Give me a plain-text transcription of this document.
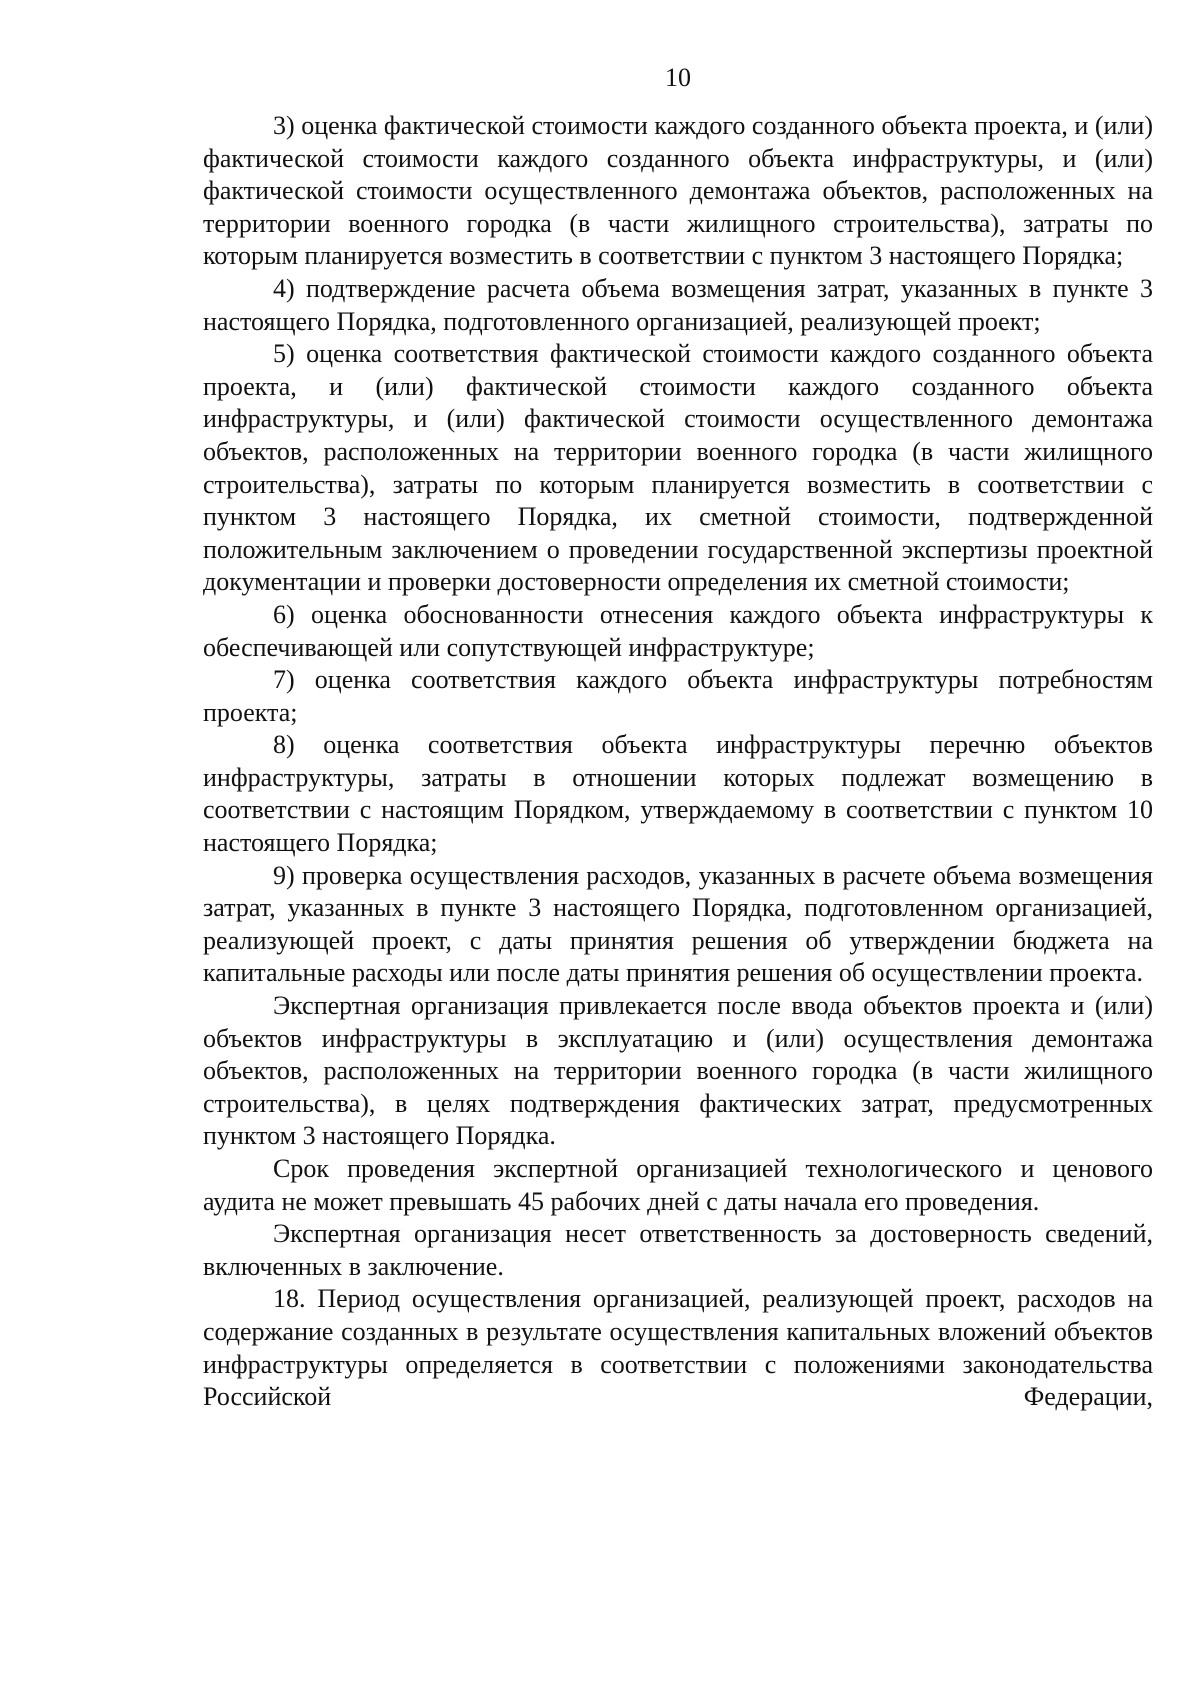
10

3) оценка фактической стоимости каждого созданного объекта проекта, и (или) фактической стоимости каждого созданного объекта инфраструктуры, и (или) фактической стоимости осуществленного демонтажа объектов, расположенных на территории военного городка (в части жилищного строительства), затраты по которым планируется возместить в соответствии с пунктом 3 настоящего Порядка;

4) подтверждение расчета объема возмещения затрат, указанных в пункте 3 настоящего Порядка, подготовленного организацией, реализующей проект;

5) оценка соответствия фактической стоимости каждого созданного объекта проекта, и (или) фактической стоимости каждого созданного объекта инфраструктуры, и (или) фактической стоимости осуществленного демонтажа объектов, расположенных на территории военного городка (в части жилищного строительства), затраты по которым планируется возместить в соответствии с пунктом 3 настоящего Порядка, их сметной стоимости, подтвержденной положительным заключением о проведении государственной экспертизы проектной документации и проверки достоверности определения их сметной стоимости;

6) оценка обоснованности отнесения каждого объекта инфраструктуры к обеспечивающей или сопутствующей инфраструктуре;

7) оценка соответствия каждого объекта инфраструктуры потребностям проекта;

8) оценка соответствия объекта инфраструктуры перечню объектов инфраструктуры, затраты в отношении которых подлежат возмещению в соответствии с настоящим Порядком, утверждаемому в соответствии с пунктом 10 настоящего Порядка;

9) проверка осуществления расходов, указанных в расчете объема возмещения затрат, указанных в пункте 3 настоящего Порядка, подготовленном организацией, реализующей проект, с даты принятия решения об утверждении бюджета на капитальные расходы или после даты принятия решения об осуществлении проекта.

Экспертная организация привлекается после ввода объектов проекта и (или) объектов инфраструктуры в эксплуатацию и (или) осуществления демонтажа объектов, расположенных на территории военного городка (в части жилищного строительства), в целях подтверждения фактических затрат, предусмотренных пунктом 3 настоящего Порядка.

Срок проведения экспертной организацией технологического и ценового аудита не может превышать 45 рабочих дней с даты начала его проведения.

Экспертная организация несет ответственность за достоверность сведений, включенных в заключение.

18. Период осуществления организацией, реализующей проект, расходов на содержание созданных в результате осуществления капитальных вложений объектов инфраструктуры определяется в соответствии с положениями законодательства Российской Федерации,
